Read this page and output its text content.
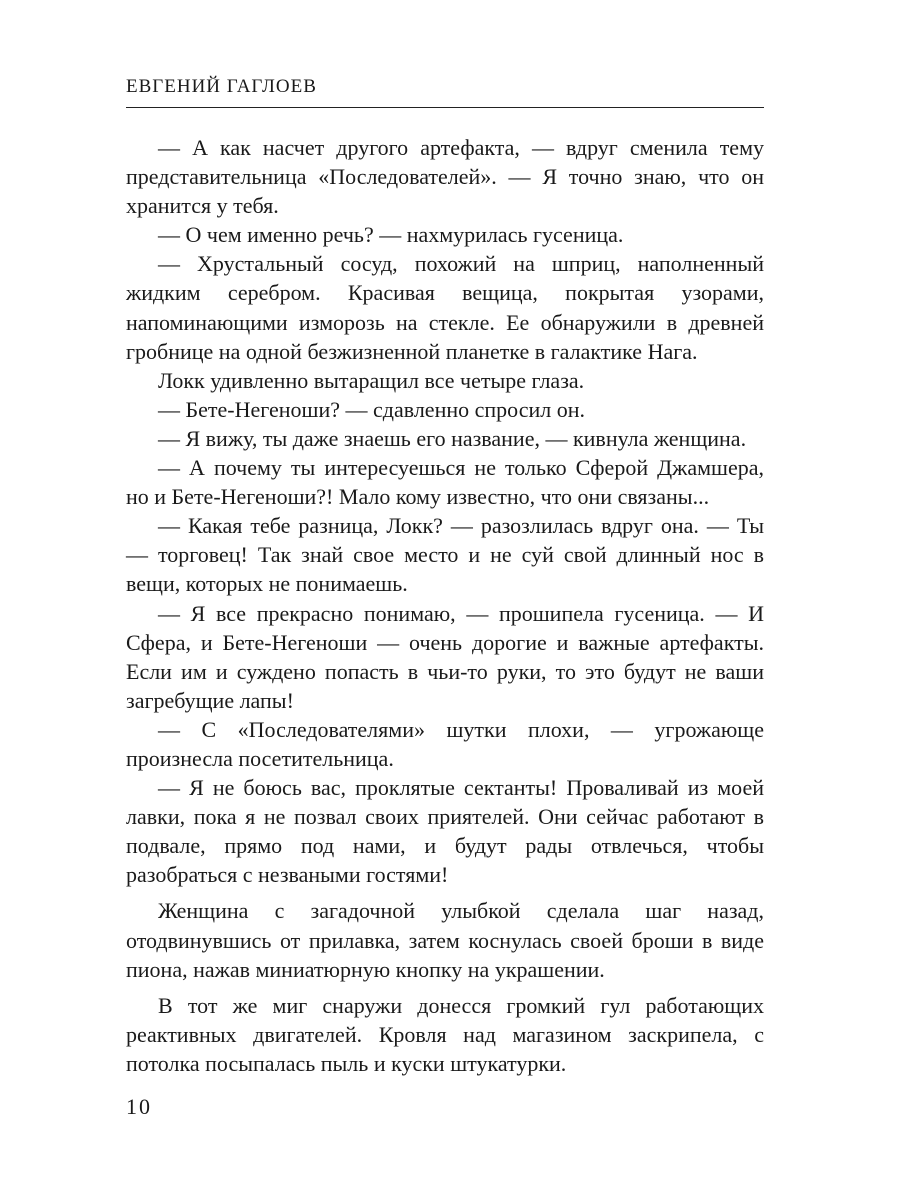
ЕВГЕНИЙ ГАГЛОЕВ

— А как насчет другого артефакта, — вдруг сменила тему представительница «Последователей». — Я точно знаю, что он хранится у тебя.

— О чем именно речь? — нахмурилась гусеница.

— Хрустальный сосуд, похожий на шприц, наполненный жидким серебром. Красивая вещица, покрытая узорами, напоминающими изморозь на стекле. Ее обнаружили в древней гробнице на одной безжизненной планетке в галактике Нага.

Локк удивленно вытаращил все четыре глаза.

— Бете-Негеноши? — сдавленно спросил он.

— Я вижу, ты даже знаешь его название, — кивнула женщина.

— А почему ты интересуешься не только Сферой Джамшера, но и Бете-Негеноши?! Мало кому известно, что они связаны...

— Какая тебе разница, Локк? — разозлилась вдруг она. — Ты — торговец! Так знай свое место и не суй свой длинный нос в вещи, которых не понимаешь.

— Я все прекрасно понимаю, — прошипела гусеница. — И Сфера, и Бете-Негеноши — очень дорогие и важные артефакты. Если им и суждено попасть в чьи-то руки, то это будут не ваши загребущие лапы!

— С «Последователями» шутки плохи, — угрожающе произнесла посетительница.

— Я не боюсь вас, проклятые сектанты! Проваливай из моей лавки, пока я не позвал своих приятелей. Они сейчас работают в подвале, прямо под нами, и будут рады отвлечься, чтобы разобраться с незваными гостями!

Женщина с загадочной улыбкой сделала шаг назад, отодвинувшись от прилавка, затем коснулась своей броши в виде пиона, нажав миниатюрную кнопку на украшении.

В тот же миг снаружи донесся громкий гул работающих реактивных двигателей. Кровля над магазином заскрипела, с потолка посыпалась пыль и куски штукатурки.

10
